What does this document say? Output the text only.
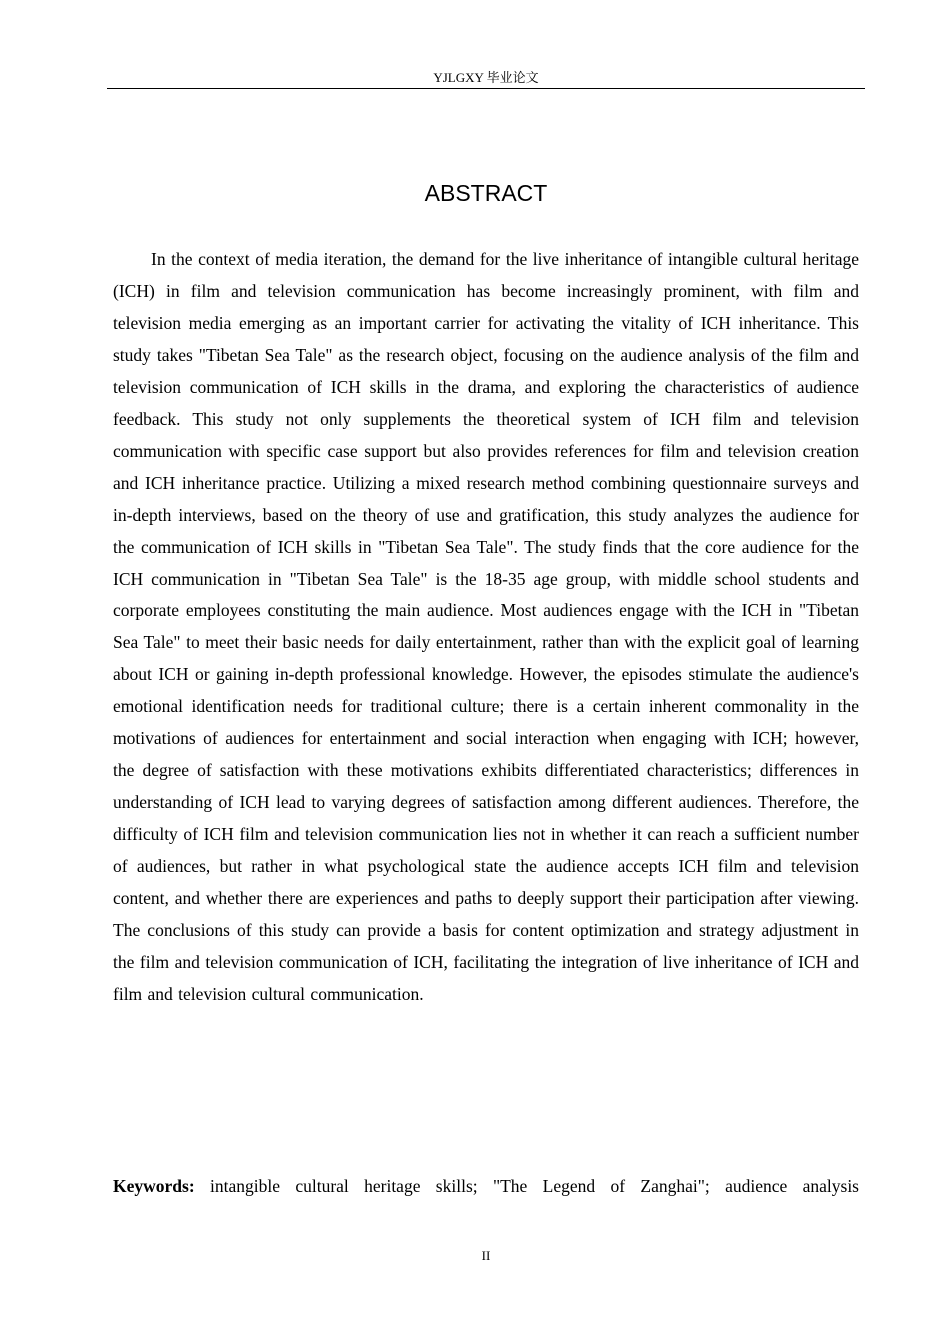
YJLGXY 毕业论文
ABSTRACT

In the context of media iteration, the demand for the live inheritance of intangible cultural heritage (ICH) in film and television communication has become increasingly prominent, with film and television media emerging as an important carrier for activating the vitality of ICH inheritance. This study takes "Tibetan Sea Tale" as the research object, focusing on the audience analysis of the film and television communication of ICH skills in the drama, and exploring the characteristics of audience feedback. This study not only supplements the theoretical system of ICH film and television communication with specific case support but also provides references for film and television creation and ICH inheritance practice. Utilizing a mixed research method combining questionnaire surveys and in-depth interviews, based on the theory of use and gratification, this study analyzes the audience for the communication of ICH skills in "Tibetan Sea Tale". The study finds that the core audience for the ICH communication in "Tibetan Sea Tale" is the 18-35 age group, with middle school students and corporate employees constituting the main audience. Most audiences engage with the ICH in "Tibetan Sea Tale" to meet their basic needs for daily entertainment, rather than with the explicit goal of learning about ICH or gaining in-depth professional knowledge. However, the episodes stimulate the audience's emotional identification needs for traditional culture; there is a certain inherent commonality in the motivations of audiences for entertainment and social interaction when engaging with ICH; however, the degree of satisfaction with these motivations exhibits differentiated characteristics; differences in understanding of ICH lead to varying degrees of satisfaction among different audiences. Therefore, the difficulty of ICH film and television communication lies not in whether it can reach a sufficient number of audiences, but rather in what psychological state the audience accepts ICH film and television content, and whether there are experiences and paths to deeply support their participation after viewing. The conclusions of this study can provide a basis for content optimization and strategy adjustment in the film and television communication of ICH, facilitating the integration of live inheritance of ICH and film and television cultural communication.

Keywords: intangible cultural heritage skills; "The Legend of Zanghai"; audience analysis

II
